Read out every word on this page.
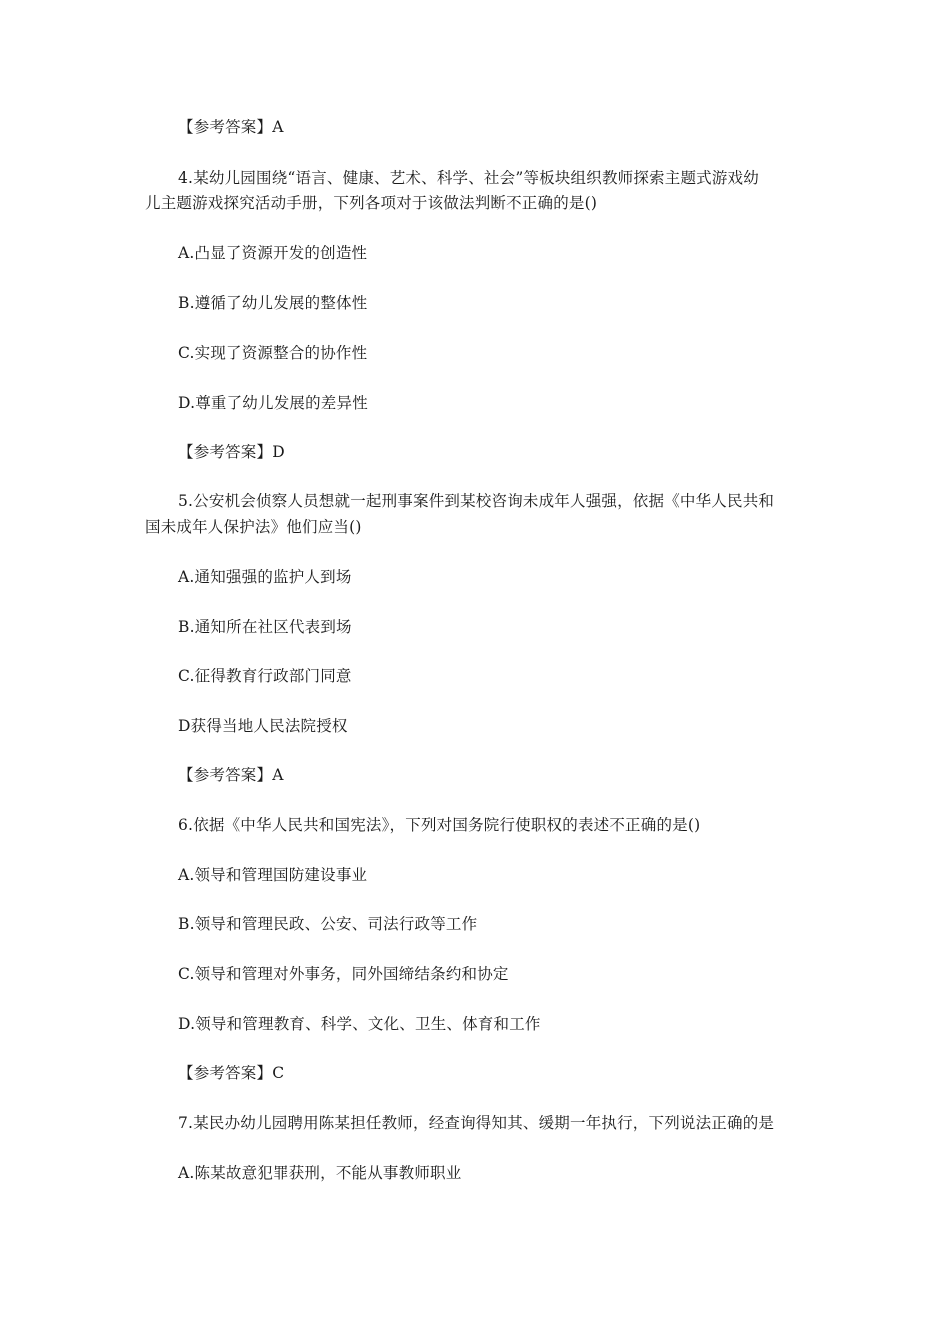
【参考答案】A
4.某幼儿园围绕“语言、健康、艺术、科学、社会”等板块组织教师探索主题式游戏幼
儿主题游戏探究活动手册，下列各项对于该做法判断不正确的是()
A.凸显了资源开发的创造性
B.遵循了幼儿发展的整体性
C.实现了资源整合的协作性
D.尊重了幼儿发展的差异性
【参考答案】D
5.公安机会侦察人员想就一起刑事案件到某校咨询未成年人强强，依据《中华人民共和
国未成年人保护法》他们应当()
A.通知强强的监护人到场
B.通知所在社区代表到场
C.征得教育行政部门同意
D获得当地人民法院授权
【参考答案】A
6.依据《中华人民共和国宪法》，下列对国务院行使职权的表述不正确的是()
A.领导和管理国防建设事业
B.领导和管理民政、公安、司法行政等工作
C.领导和管理对外事务，同外国缔结条约和协定
D.领导和管理教育、科学、文化、卫生、体育和工作
【参考答案】C
7.某民办幼儿园聘用陈某担任教师，经查询得知其、缓期一年执行，下列说法正确的是
A.陈某故意犯罪获刑，不能从事教师职业
